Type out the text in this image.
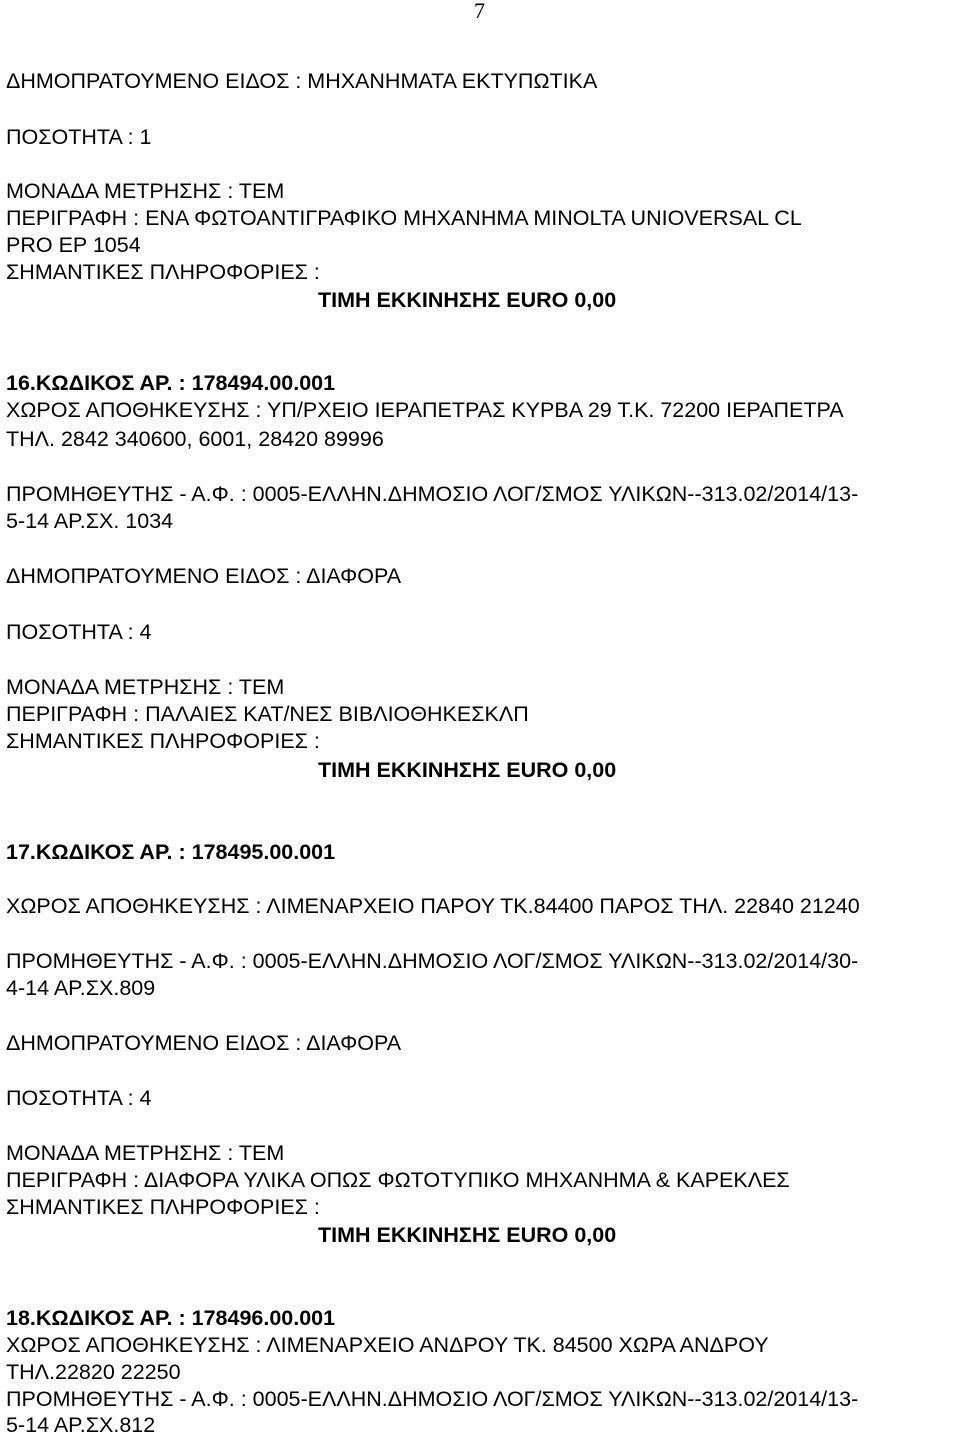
7
ΔΗΜΟΠΡΑΤΟΥΜΕΝΟ ΕΙΔΟΣ : ΜΗΧΑΝΗΜΑΤΑ ΕΚΤΥΠΩΤΙΚΑ
ΠΟΣΟΤΗΤΑ : 1
ΜΟΝΑΔΑ ΜΕΤΡΗΣΗΣ : ΤΕΜ
ΠΕΡΙΓΡΑΦΗ : ΕΝΑ ΦΩΤΟΑΝΤΙΓΡΑΦΙΚΟ ΜΗΧΑΝΗΜΑ MINOLTA UNIOVERSAL CL
PRO EP 1054
ΣΗΜΑΝΤΙΚΕΣ ΠΛΗΡΟΦΟΡΙΕΣ :
ΤΙΜΗ ΕΚΚΙΝΗΣΗΣ EURO 0,00
16.ΚΩΔΙΚΟΣ ΑΡ. : 178494.00.001
ΧΩΡΟΣ ΑΠΟΘΗΚΕΥΣΗΣ : ΥΠ/ΡΧΕΙΟ ΙΕΡΑΠΕΤΡΑΣ ΚΥΡΒΑ 29 Τ.Κ. 72200 ΙΕΡΑΠΕΤΡΑ
ΤΗΛ. 2842 340600, 6001, 28420 89996
ΠΡΟΜΗΘΕΥΤΗΣ - Α.Φ. : 0005-ΕΛΛΗΝ.ΔΗΜΟΣΙΟ ΛΟΓ/ΣΜΟΣ ΥΛΙΚΩΝ--313.02/2014/13-
5-14 ΑΡ.ΣΧ. 1034
ΔΗΜΟΠΡΑΤΟΥΜΕΝΟ ΕΙΔΟΣ : ΔΙΑΦΟΡΑ
ΠΟΣΟΤΗΤΑ : 4
ΜΟΝΑΔΑ ΜΕΤΡΗΣΗΣ : ΤΕΜ
ΠΕΡΙΓΡΑΦΗ : ΠΑΛΑΙΕΣ ΚΑΤ/ΝΕΣ ΒΙΒΛΙΟΘΗΚΕΣΚΛΠ
ΣΗΜΑΝΤΙΚΕΣ ΠΛΗΡΟΦΟΡΙΕΣ :
ΤΙΜΗ ΕΚΚΙΝΗΣΗΣ EURO 0,00
17.ΚΩΔΙΚΟΣ ΑΡ. : 178495.00.001
ΧΩΡΟΣ ΑΠΟΘΗΚΕΥΣΗΣ : ΛΙΜΕΝΑΡΧΕΙΟ ΠΑΡΟΥ ΤΚ.84400 ΠΑΡΟΣ ΤΗΛ. 22840 21240
ΠΡΟΜΗΘΕΥΤΗΣ - Α.Φ. : 0005-ΕΛΛΗΝ.ΔΗΜΟΣΙΟ ΛΟΓ/ΣΜΟΣ ΥΛΙΚΩΝ--313.02/2014/30-
4-14 ΑΡ.ΣΧ.809
ΔΗΜΟΠΡΑΤΟΥΜΕΝΟ ΕΙΔΟΣ : ΔΙΑΦΟΡΑ
ΠΟΣΟΤΗΤΑ : 4
ΜΟΝΑΔΑ ΜΕΤΡΗΣΗΣ : ΤΕΜ
ΠΕΡΙΓΡΑΦΗ : ΔΙΑΦΟΡΑ ΥΛΙΚΑ ΟΠΩΣ ΦΩΤΟΤΥΠΙΚΟ ΜΗΧΑΝΗΜΑ & ΚΑΡΕΚΛΕΣ
ΣΗΜΑΝΤΙΚΕΣ ΠΛΗΡΟΦΟΡΙΕΣ :
ΤΙΜΗ ΕΚΚΙΝΗΣΗΣ EURO 0,00
18.ΚΩΔΙΚΟΣ ΑΡ. : 178496.00.001
ΧΩΡΟΣ ΑΠΟΘΗΚΕΥΣΗΣ : ΛΙΜΕΝΑΡΧΕΙΟ ΑΝΔΡΟΥ ΤΚ. 84500 ΧΩΡΑ ΑΝΔΡΟΥ
ΤΗΛ.22820 22250
ΠΡΟΜΗΘΕΥΤΗΣ - Α.Φ. : 0005-ΕΛΛΗΝ.ΔΗΜΟΣΙΟ ΛΟΓ/ΣΜΟΣ ΥΛΙΚΩΝ--313.02/2014/13-
5-14 ΑΡ.ΣΧ.812
